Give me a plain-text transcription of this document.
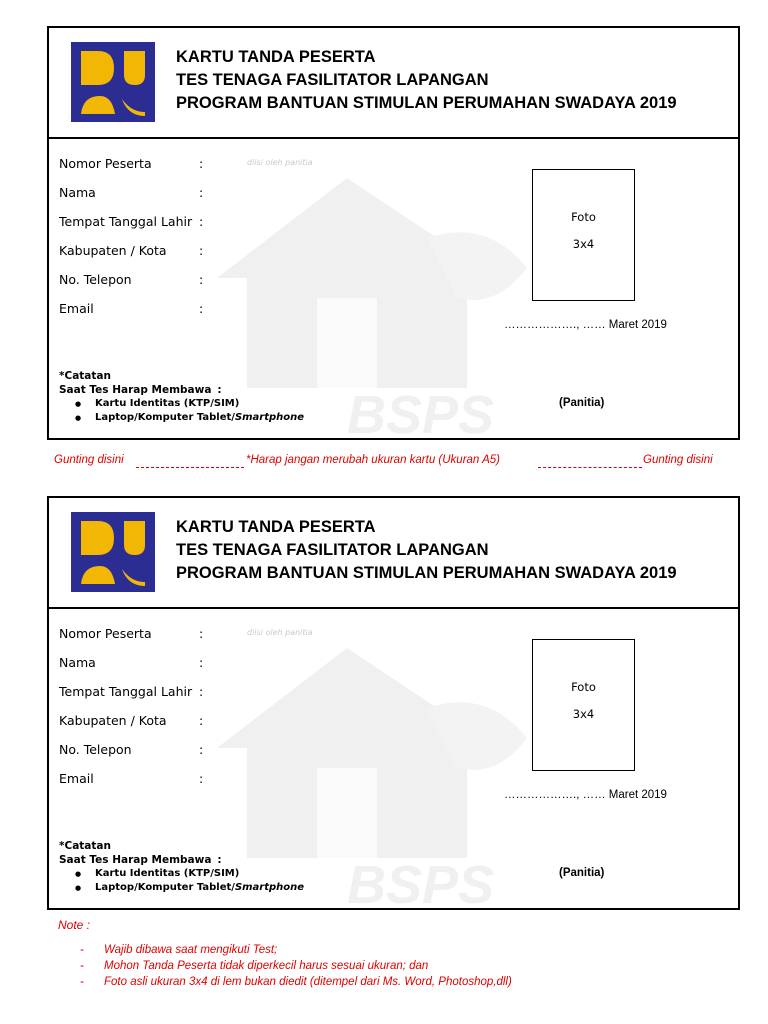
KARTU TANDA PESERTA
TES TENAGA FASILITATOR LAPANGAN
PROGRAM BANTUAN STIMULAN PERUMAHAN SWADAYA 2019
BSPS
Nomor Peserta	:	diisi oleh panitia
Nama	:
Tempat Tanggal Lahir :
Kabupaten / Kota	:
No. Telepon	:
Email	:
Foto
3x4
………………., …… Maret 2019
*Catatan
Saat Tes Harap Membawa :
● Kartu Identitas (KTP/SIM)
● Laptop/Komputer Tablet/Smartphone
(Panitia)
Gunting disini	*Harap jangan merubah ukuran kartu (Ukuran A5)	Gunting disini
KARTU TANDA PESERTA
TES TENAGA FASILITATOR LAPANGAN
PROGRAM BANTUAN STIMULAN PERUMAHAN SWADAYA 2019
BSPS
Nomor Peserta	:	diisi oleh panitia
Nama	:
Tempat Tanggal Lahir :
Kabupaten / Kota	:
No. Telepon	:
Email	:
Foto
3x4
………………., …… Maret 2019
*Catatan
Saat Tes Harap Membawa :
● Kartu Identitas (KTP/SIM)
● Laptop/Komputer Tablet/Smartphone
(Panitia)
Note :
- Wajib dibawa saat mengikuti Test;
- Mohon Tanda Peserta tidak diperkecil harus sesuai ukuran; dan
- Foto asli ukuran 3x4 di lem bukan diedit (ditempel dari Ms. Word, Photoshop,dll)
